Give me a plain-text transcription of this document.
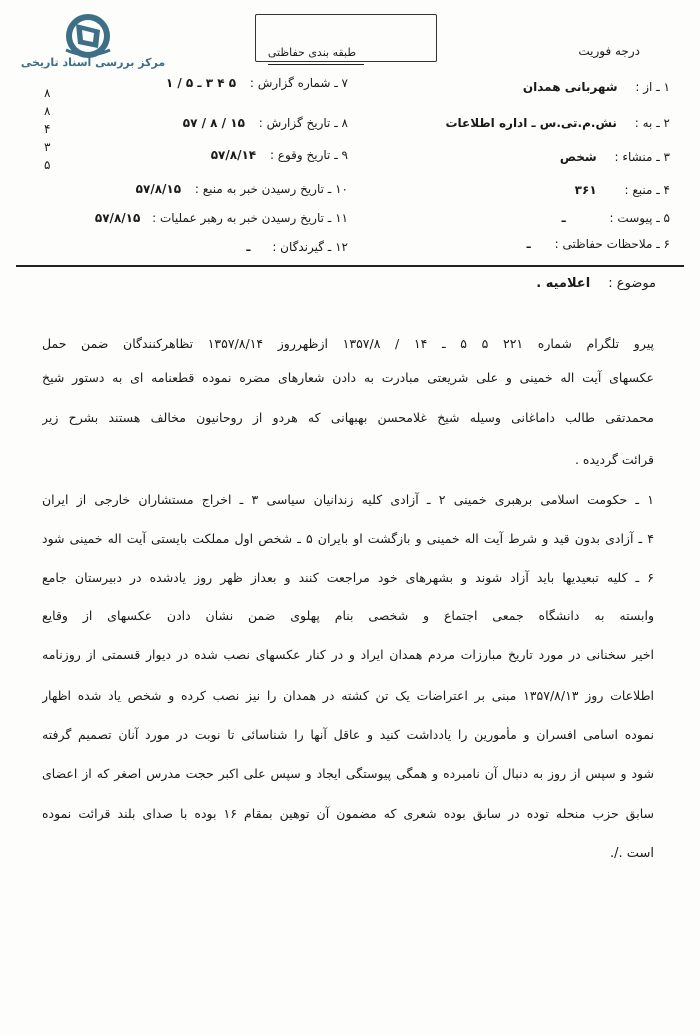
مرکز بررسی اسناد تاریخی
طبقه بندی حفاظتی	درجه فوریت
۸
۸
۴
۳
۵
۱ ـ از : شهربانی همدان
۲ ـ به : نش.م.تی.س ـ اداره اطلاعات
۳ ـ منشاء : شخص
۴ ـ منبع : ۳۶۱
۵ ـ پیوست : ـ
۶ ـ ملاحظات حفاظتی : ـ
۷ ـ شماره گزارش : ۵ ۴ ۳ ـ ۵ / ۱
۸ ـ تاریخ گزارش : ۱۵ / ۸ / ۵۷
۹ ـ تاریخ وقوع : ۵۷/۸/۱۴
۱۰ ـ تاریخ رسیدن خبر به منبع : ۵۷/۸/۱۵
۱۱ ـ تاریخ رسیدن خبر به رهبر عملیات : ۵۷/۸/۱۵
۱۲ ـ گیرندگان : ـ
موضوع : اعلامیه .
پیرو تلگرام شماره ۲۲۱ ۵ ۵ ـ ۱۴ / ۱۳۵۷/۸ ازظهرروز ۱۳۵۷/۸/۱۴ تظاهرکنندگان ضمن حمل
عکسهای آیت اله خمینی و علی شریعتی مبادرت به دادن شعارهای مضره نموده قطعنامه ای به دستور شیخ
محمدتقی طالب داماغانی وسیله شیخ غلامحسن بهبهانی که هردو از روحانیون مخالف هستند بشرح زیر
قرائت گردیده .
۱ ـ حکومت اسلامی برهبری خمینی ۲ ـ آزادی کلیه زندانیان سیاسی ۳ ـ اخراج مستشاران خارجی از ایران
۴ ـ آزادی بدون قید و شرط آیت اله خمینی و بازگشت او بایران ۵ ـ شخص اول مملکت بایستی آیت اله خمینی شود
۶ ـ کلیه تبعیدیها باید آزاد شوند و بشهرهای خود مراجعت کنند و بعداز ظهر روز یادشده در دبیرستان جامع
وابسته به دانشگاه جمعی اجتماع و شخصی بنام پهلوی ضمن نشان دادن عکسهای از وقایع
اخیر سخنانی در مورد تاریخ مبارزات مردم همدان ایراد و در کنار عکسهای نصب شده در دیوار قسمتی از روزنامه
اطلاعات روز ۱۳۵۷/۸/۱۳ مبنی بر اعتراضات یک تن کشته در همدان را نیز نصب کرده و شخص یاد شده اظهار
نموده اسامی افسران و مأمورین را یادداشت کنید و عاقل آنها را شناسائی تا نوبت در مورد آنان تصمیم گرفته
شود و سپس از روز به دنبال آن نامبرده و همگی پیوستگی ایجاد و سپس علی اکبر حجت مدرس اصغر که از اعضای
سابق حزب منحله توده در سابق بوده شعری که مضمون آن توهین بمقام ۱۶ بوده با صدای بلند قرائت نموده
است ./.
